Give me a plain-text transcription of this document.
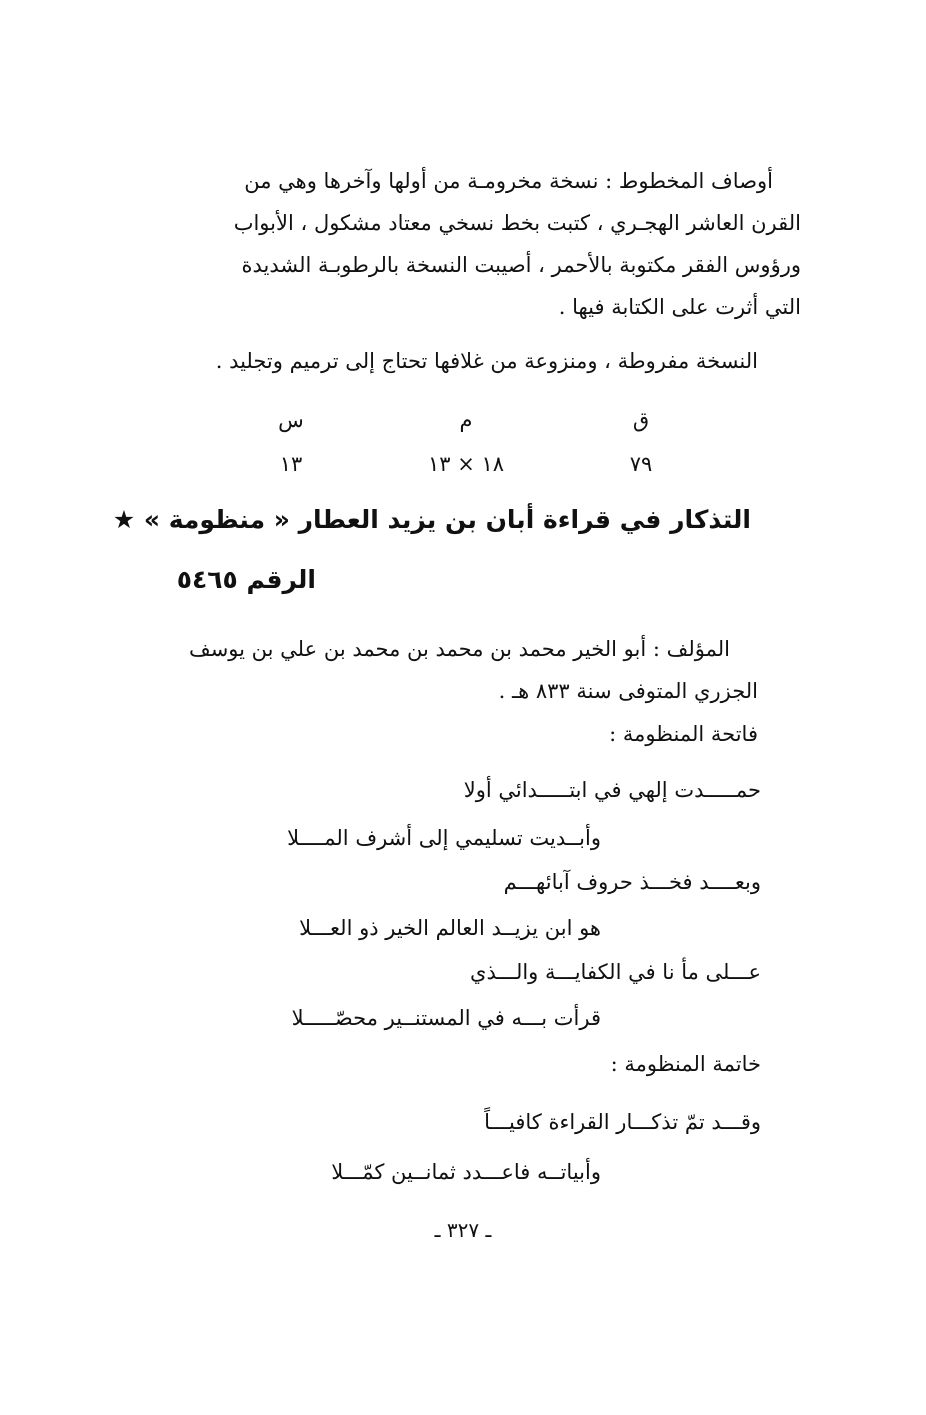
أوصاف المخطوط : نسخة مخرومـة من أولها وآخرها وهي من
القرن العاشر الهجـري ، كتبت بخط نسخي معتاد مشكول ، الأبواب
ورؤوس الفقر مكتوبة بالأحمر ، أصيبت النسخة بالرطوبـة الشديدة
التي أثرت على الكتابة فيها .
النسخة مفروطة ، ومنزوعة من غلافها تحتاج إلى ترميم وتجليد .
ق
م
س
٧٩
١٨ × ١٣
١٣
التذكار في قراءة أبان بن يزيد العطار « منظومة » ★
الرقم ٥٤٦٥
المؤلف : أبو الخير محمد بن محمد بن محمد بن علي بن يوسف
الجزري المتوفى سنة ٨٣٣ هـ .
فاتحة المنظومة :
حمـــــدت إلهي في ابتـــــدائي أولا
وأبــديت تسليمي إلى أشرف المــــلا
وبعــــد فخـــذ حروف آبائهـــم
هو ابن يزيــد العالم الخير ذو العـــلا
عـــلى مأ نا في الكفايـــة والـــذي
قرأت بـــه في المستنــير محصّـــــلا
خاتمة المنظومة :
وقـــد تمّ تذكـــار القراءة كافيـــاً
وأبياتــه فاعـــدد ثمانــين كمّـــلا
ـ ٣٢٧ ـ
